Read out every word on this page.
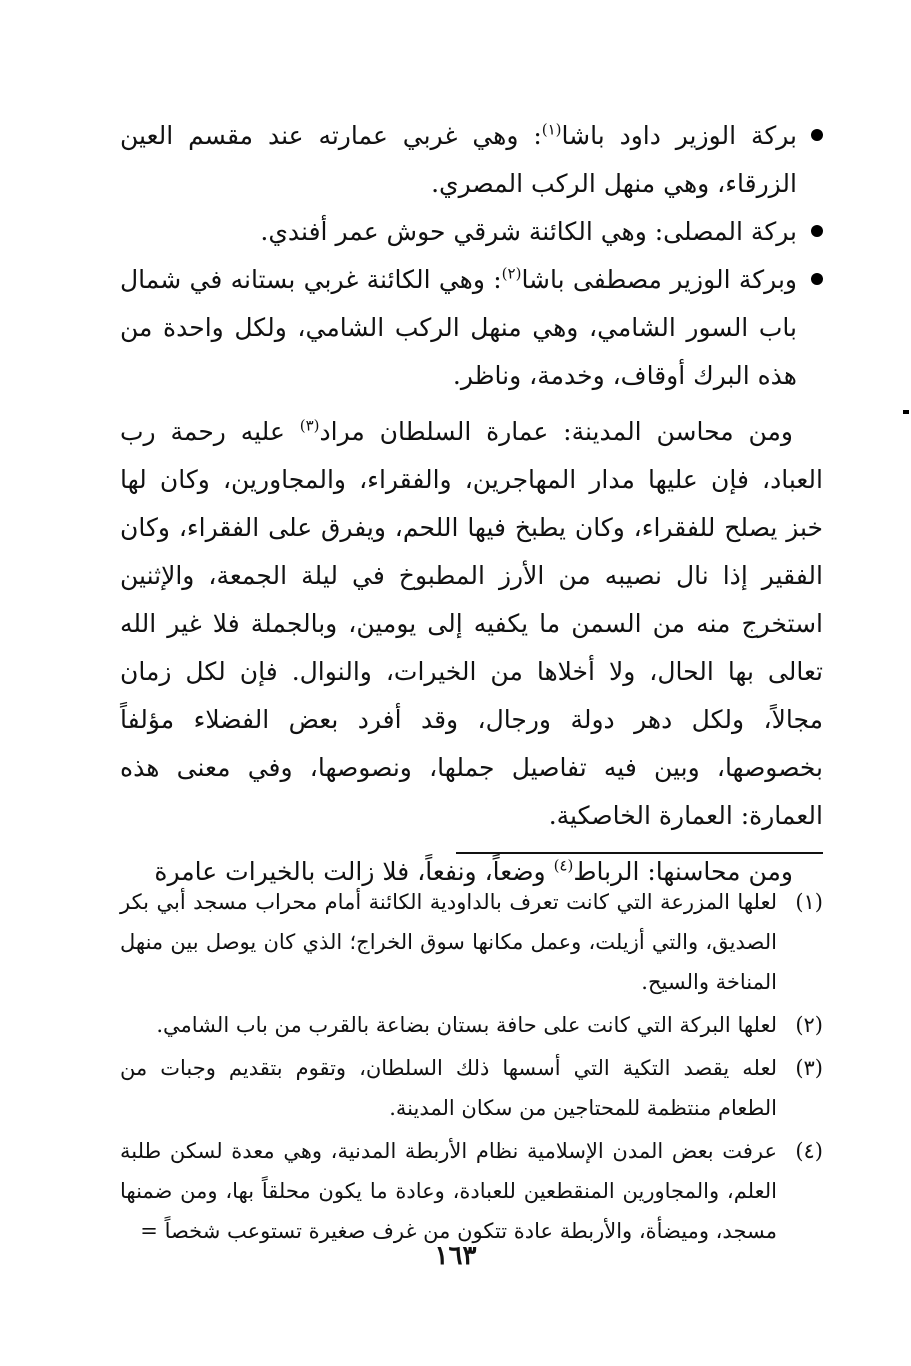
بركة الوزير داود باشا$^{(١)}$: وهي غربي عمارته عند مقسم العين الزرقاء، وهي منهل الركب المصري.
بركة المصلى: وهي الكائنة شرقي حوش عمر أفندي.
وبركة الوزير مصطفى باشا$^{(٢)}$: وهي الكائنة غربي بستانه في شمال باب السور الشامي، وهي منهل الركب الشامي، ولكل واحدة من هذه البرك أوقاف، وخدمة، وناظر.

ومن محاسن المدينة: عمارة السلطان مراد$^{(٣)}$ عليه رحمة رب العباد، فإن عليها مدار المهاجرين، والفقراء، والمجاورين، وكان لها خبز يصلح للفقراء، وكان يطبخ فيها اللحم، ويفرق على الفقراء، وكان الفقير إذا نال نصيبه من الأرز المطبوخ في ليلة الجمعة، والإثنين استخرج منه من السمن ما يكفيه إلى يومين، وبالجملة فلا غير الله تعالى بها الحال، ولا أخلاها من الخيرات، والنوال. فإن لكل زمان مجالاً، ولكل دهر دولة ورجال، وقد أفرد بعض الفضلاء مؤلفاً بخصوصها، وبين فيه تفاصيل جملها، ونصوصها، وفي معنى هذه العمارة: العمارة الخاصكية.

ومن محاسنها: الرباط$^{(٤)}$ وضعاً، ونفعاً، فلا زالت بالخيرات عامرة

(١)
لعلها المزرعة التي كانت تعرف بالداودية الكائنة أمام محراب مسجد أبي بكر الصديق، والتي أزيلت، وعمل مكانها سوق الخراج؛ الذي كان يوصل بين منهل المناخة والسيح.

(٢)
لعلها البركة التي كانت على حافة بستان بضاعة بالقرب من باب الشامي.

(٣)
لعله يقصد التكية التي أسسها ذلك السلطان، وتقوم بتقديم وجبات من الطعام منتظمة للمحتاجين من سكان المدينة.

(٤)
عرفت بعض المدن الإسلامية نظام الأربطة المدنية، وهي معدة لسكن طلبة العلم، والمجاورين المنقطعين للعبادة، وعادة ما يكون محلقاً بها، ومن ضمنها مسجد، وميضأة، والأربطة عادة تتكون من غرف صغيرة تستوعب شخصاً =

١٦٣
